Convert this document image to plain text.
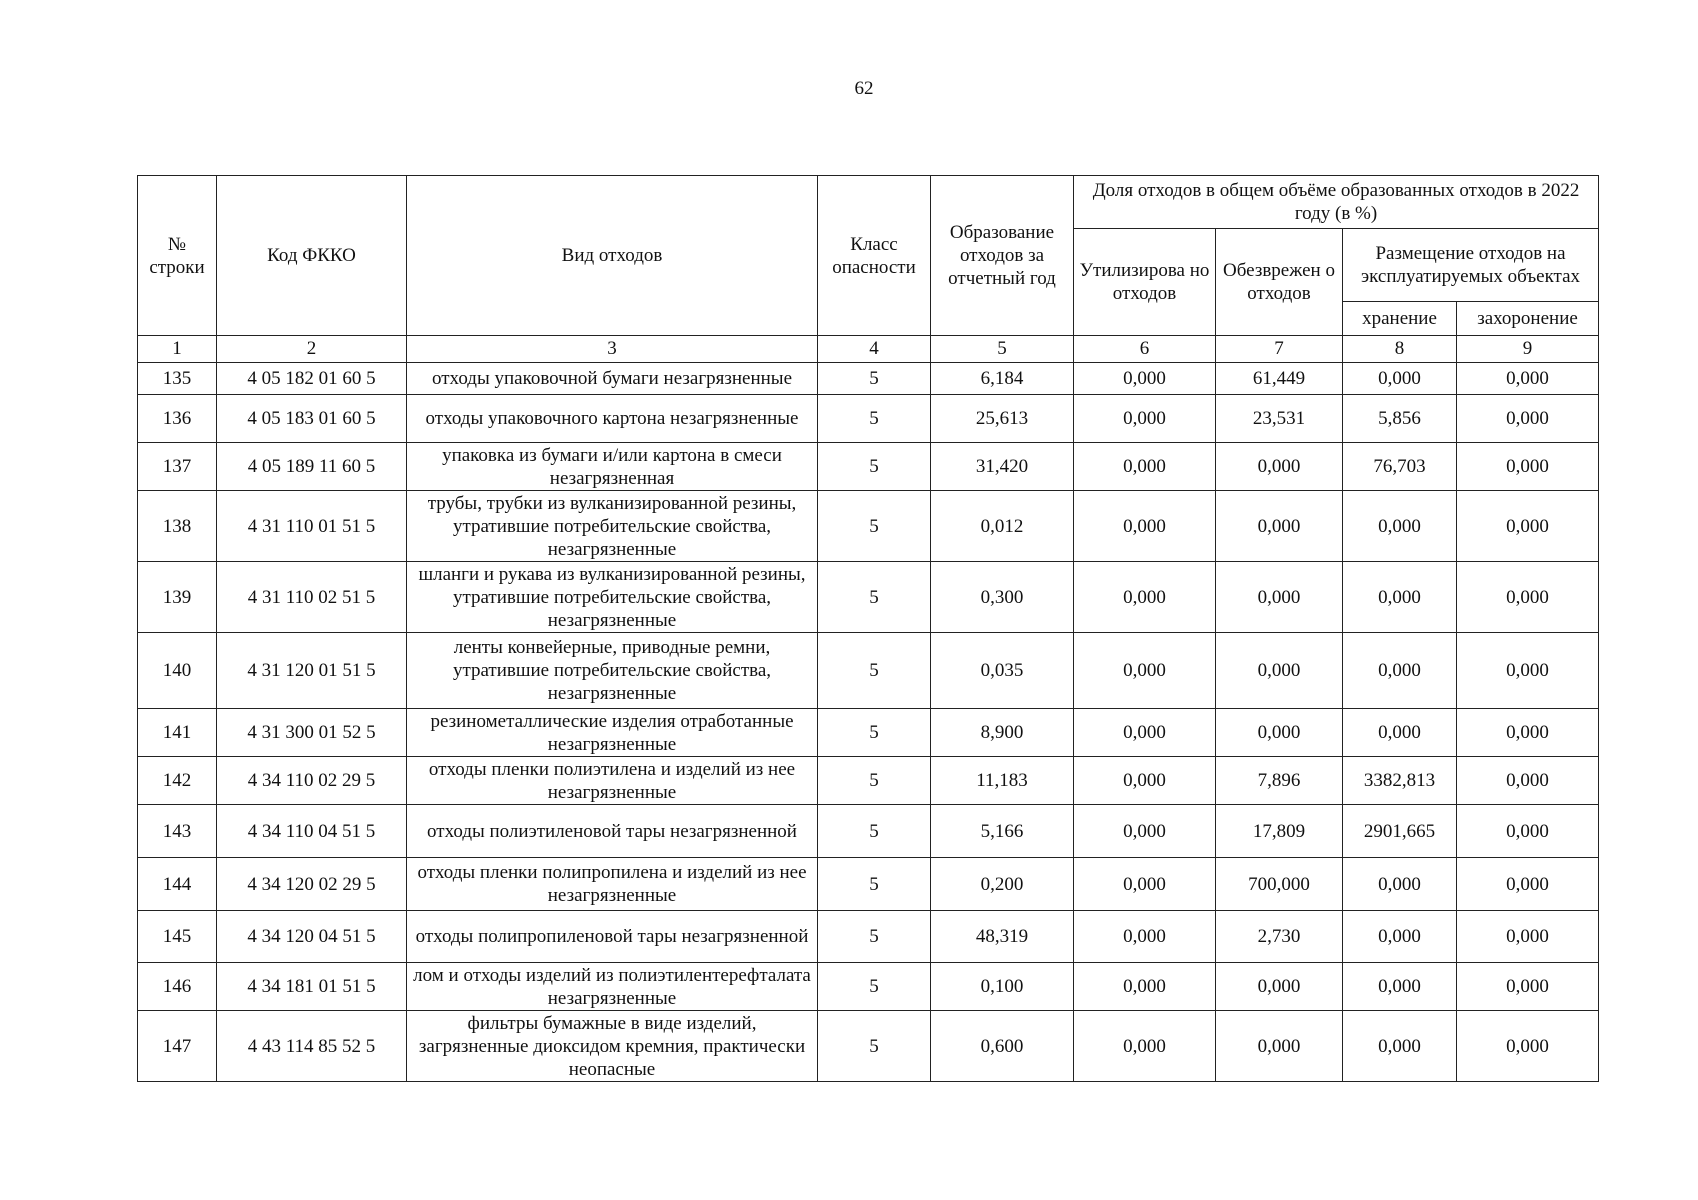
62
№ строки	Код ФККО	Вид отходов	Класс опасности	Образование отходов за отчетный год	Доля отходов в общем объёме образованных отходов в 2022 году (в %)			
					Утилизирова но отходов	Обезврежен о отходов	Размещение отходов на эксплуатируемых объектах	
							хранение	захоронение
1	2	3	4	5	6	7	8	9
135	4 05 182 01 60 5	отходы упаковочной бумаги незагрязненные	5	6,184	0,000	61,449	0,000	0,000
136	4 05 183 01 60 5	отходы упаковочного картона незагрязненные	5	25,613	0,000	23,531	5,856	0,000
137	4 05 189 11 60 5	упаковка из бумаги и/или картона в смеси незагрязненная	5	31,420	0,000	0,000	76,703	0,000
138	4 31 110 01 51 5	трубы, трубки из вулканизированной резины, утратившие потребительские свойства, незагрязненные	5	0,012	0,000	0,000	0,000	0,000
139	4 31 110 02 51 5	шланги и рукава из вулканизированной резины, утратившие потребительские свойства, незагрязненные	5	0,300	0,000	0,000	0,000	0,000
140	4 31 120 01 51 5	ленты конвейерные, приводные ремни, утратившие потребительские свойства, незагрязненные	5	0,035	0,000	0,000	0,000	0,000
141	4 31 300 01 52 5	резинометаллические изделия отработанные незагрязненные	5	8,900	0,000	0,000	0,000	0,000
142	4 34 110 02 29 5	отходы пленки полиэтилена и изделий из нее незагрязненные	5	11,183	0,000	7,896	3382,813	0,000
143	4 34 110 04 51 5	отходы полиэтиленовой тары незагрязненной	5	5,166	0,000	17,809	2901,665	0,000
144	4 34 120 02 29 5	отходы пленки полипропилена и изделий из нее незагрязненные	5	0,200	0,000	700,000	0,000	0,000
145	4 34 120 04 51 5	отходы полипропиленовой тары незагрязненной	5	48,319	0,000	2,730	0,000	0,000
146	4 34 181 01 51 5	лом и отходы изделий из полиэтилентерефталата незагрязненные	5	0,100	0,000	0,000	0,000	0,000
147	4 43 114 85 52 5	фильтры бумажные в виде изделий, загрязненные диоксидом кремния, практически неопасные	5	0,600	0,000	0,000	0,000	0,000
